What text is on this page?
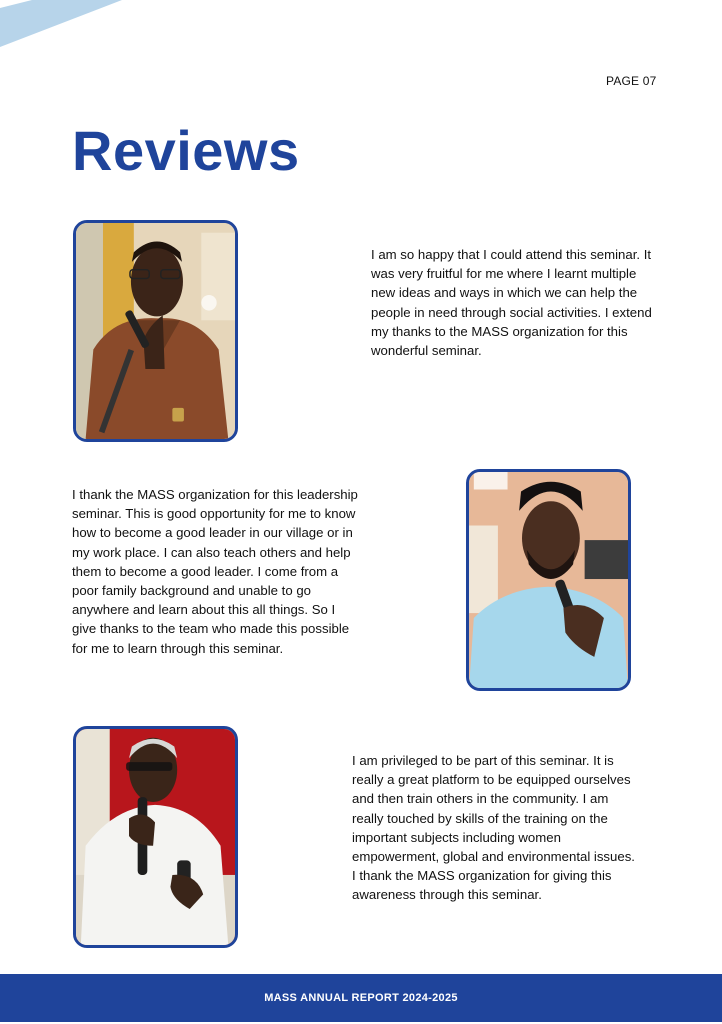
PAGE 07
Reviews

I am so happy that I could attend this seminar. It was very fruitful for me where I learnt multiple new ideas and ways in which we can help the people in need through social activities. I extend my thanks to the MASS organization for this wonderful seminar.

I thank the MASS organization for this leadership seminar. This is good opportunity for me to know how to become a good leader in our village or in my work place. I can also teach others and help them to become a good leader. I come from a poor family background and unable to go anywhere and learn about this all things. So I give thanks to the team who made this possible for me to learn through this seminar.

I am privileged to be part of this seminar. It is really a great platform to be equipped ourselves and then train others in the community. I am really touched by skills of the training on the important subjects including women empowerment, global and environmental issues. I thank the MASS organization for giving this awareness through this seminar.

MASS ANNUAL REPORT 2024-2025
